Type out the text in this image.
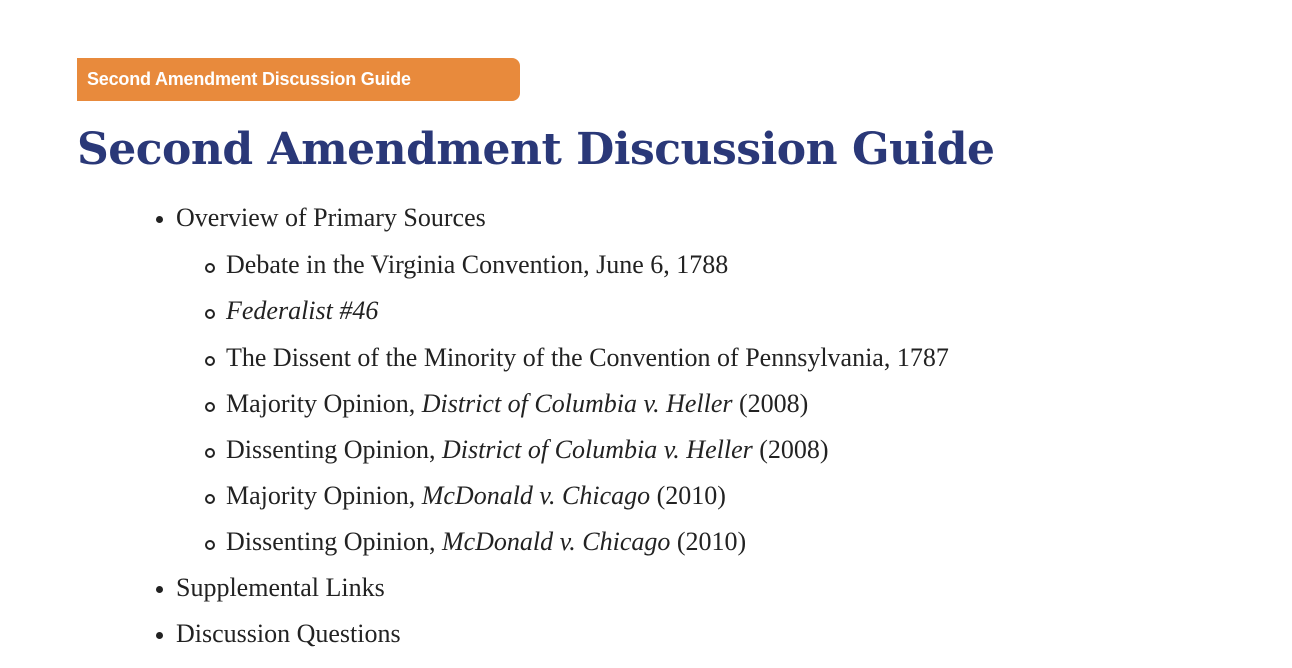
Second Amendment Discussion Guide
Second Amendment Discussion Guide
Overview of Primary Sources
Debate in the Virginia Convention, June 6, 1788
Federalist #46
The Dissent of the Minority of the Convention of Pennsylvania, 1787
Majority Opinion, District of Columbia v. Heller (2008)
Dissenting Opinion, District of Columbia v. Heller (2008)
Majority Opinion, McDonald v. Chicago (2010)
Dissenting Opinion, McDonald v. Chicago (2010)
Supplemental Links
Discussion Questions
